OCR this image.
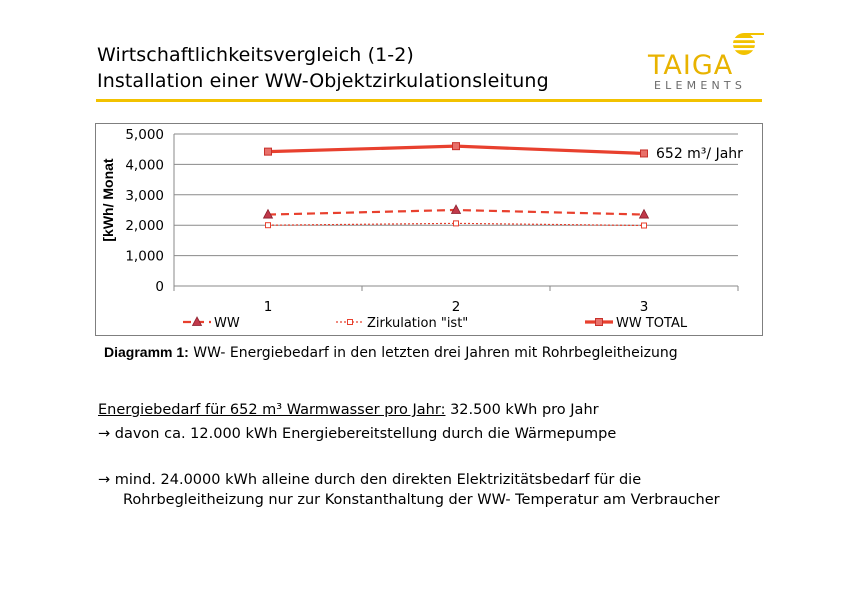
Wirtschaftlichkeitsvergleich (1-2)
Installation einer WW-Objektzirkulationsleitung	TAIGA
ELEMENTS
5,000
4,000
3,000
2,000
1,000
0
1	2	3
WW	Zirkulation "ist"	WW TOTAL
[kWh/ Monat
652 m³/ Jahr
Diagramm 1: WW- Energiebedarf in den letzten drei Jahren mit Rohrbegleitheizung
Energiebedarf für 652 m³ Warmwasser pro Jahr: 32.500 kWh pro Jahr
→ davon ca. 12.000 kWh Energiebereitstellung durch die Wärmepumpe
→ mind. 24.0000 kWh alleine durch den direkten Elektrizitätsbedarf für die
Rohrbegleitheizung nur zur Konstanthaltung der WW- Temperatur am Verbraucher
